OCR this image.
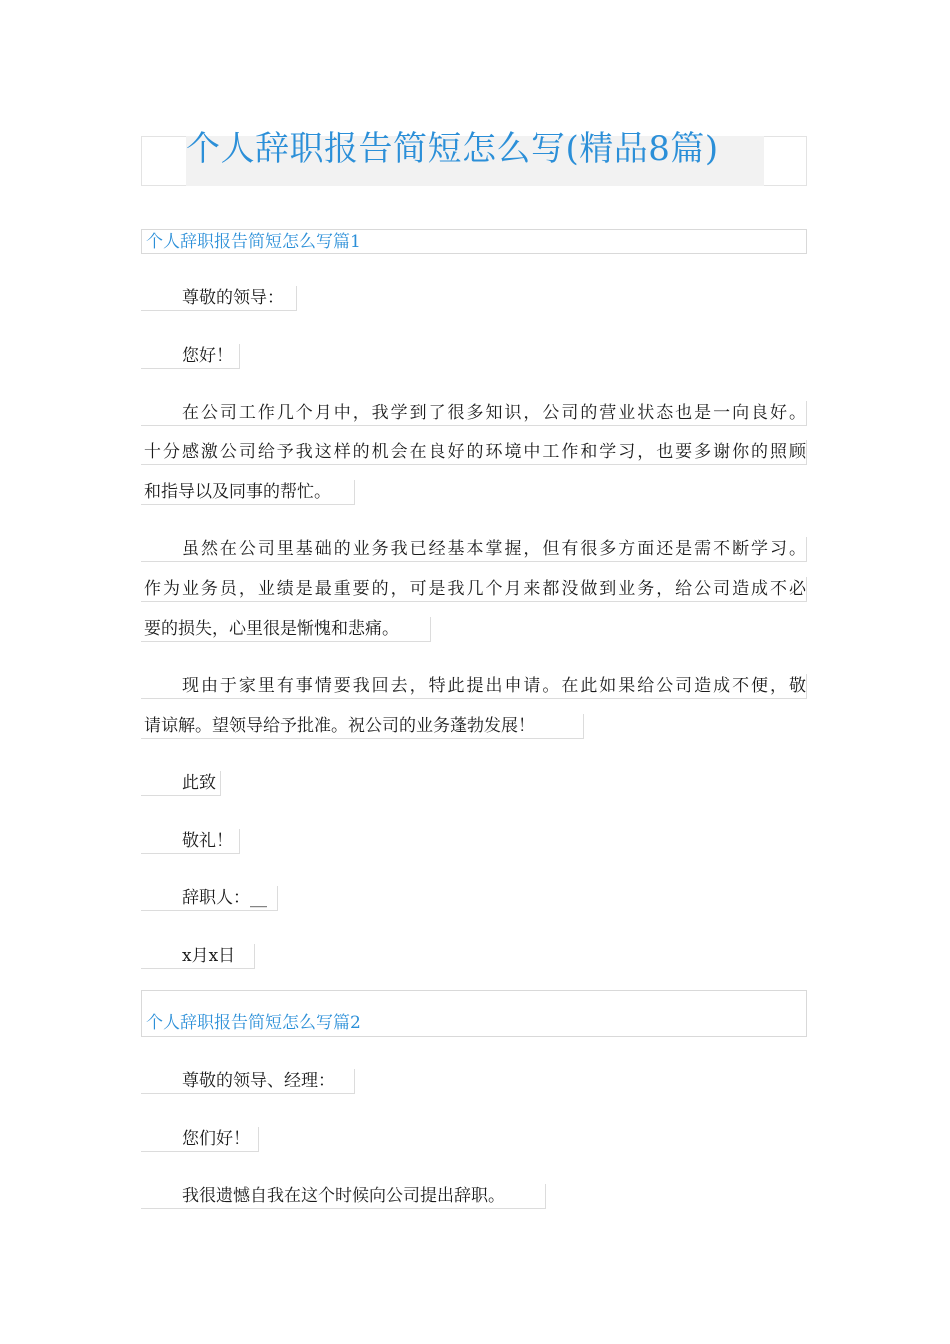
个人辞职报告简短怎么写(精品8篇)
个人辞职报告简短怎么写篇1
尊敬的领导：
您好！
在公司工作几个月中，我学到了很多知识，公司的营业状态也是一向良好。
十分感激公司给予我这样的机会在良好的环境中工作和学习，也要多谢你的照顾
和指导以及同事的帮忙。
虽然在公司里基础的业务我已经基本掌握，但有很多方面还是需不断学习。
作为业务员，业绩是最重要的，可是我几个月来都没做到业务，给公司造成不必
要的损失，心里很是惭愧和悲痛。
现由于家里有事情要我回去，特此提出申请。在此如果给公司造成不便，敬
请谅解。望领导给予批准。祝公司的业务蓬勃发展！
此致
敬礼！
辞职人：__
x月x日
个人辞职报告简短怎么写篇2
尊敬的领导、经理：
您们好！
我很遗憾自我在这个时候向公司提出辞职。
